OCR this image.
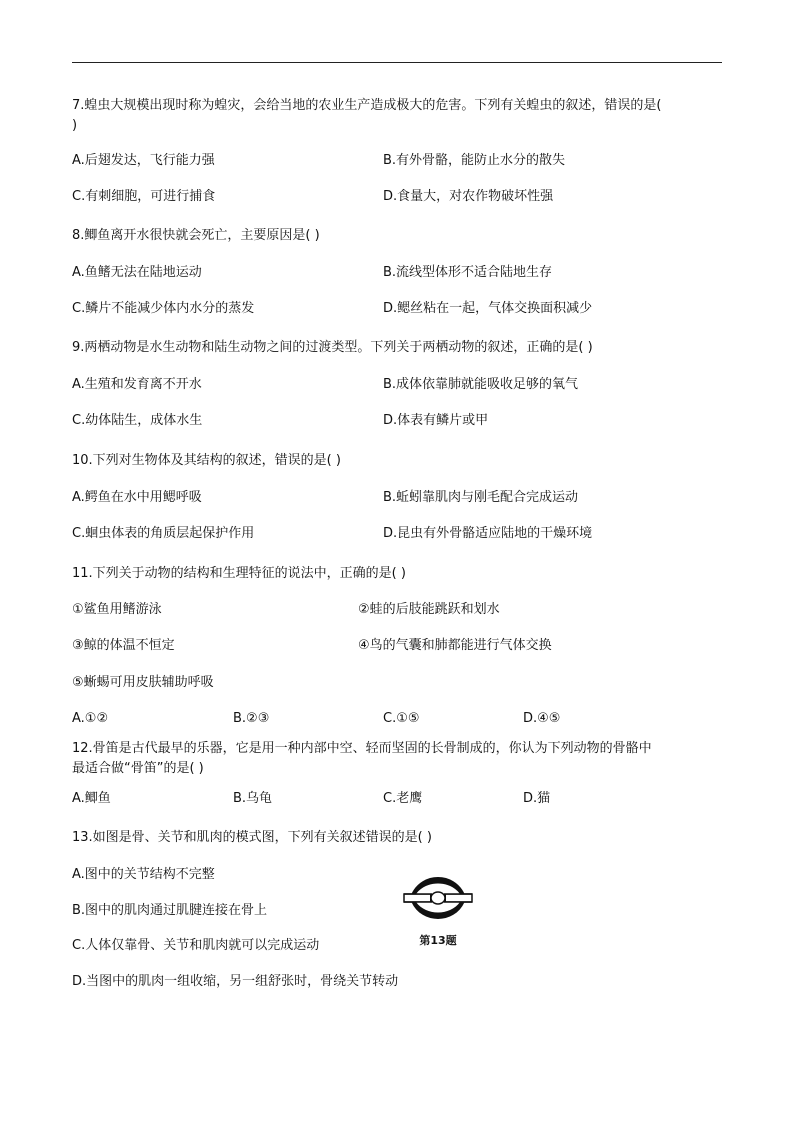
7.蝗虫大规模出现时称为蝗灾，会给当地的农业生产造成极大的危害。下列有关蝗虫的叙述，错误的是(
)
A.后翅发达，飞行能力强	B.有外骨骼，能防止水分的散失
C.有刺细胞，可进行捕食	D.食量大，对农作物破坏性强
8.鲫鱼离开水很快就会死亡，主要原因是( )
A.鱼鳍无法在陆地运动	B.流线型体形不适合陆地生存
C.鳞片不能减少体内水分的蒸发	D.鳃丝粘在一起，气体交换面积减少
9.两栖动物是水生动物和陆生动物之间的过渡类型。下列关于两栖动物的叙述，正确的是( )
A.生殖和发育离不开水	B.成体依靠肺就能吸收足够的氧气
C.幼体陆生，成体水生	D.体表有鳞片或甲
10.下列对生物体及其结构的叙述，错误的是( )
A.鳄鱼在水中用鳃呼吸	B.蚯蚓靠肌肉与刚毛配合完成运动
C.蛔虫体表的角质层起保护作用	D.昆虫有外骨骼适应陆地的干燥环境
11.下列关于动物的结构和生理特征的说法中，正确的是( )
①鲨鱼用鳍游泳	②蛙的后肢能跳跃和划水
③鲸的体温不恒定	④鸟的气囊和肺都能进行气体交换
⑤蜥蜴可用皮肤辅助呼吸
A.①②	B.②③	C.①⑤	D.④⑤
12.骨笛是古代最早的乐器，它是用一种内部中空、轻而坚固的长骨制成的，你认为下列动物的骨骼中
最适合做“骨笛”的是( )
A.鲫鱼	B.乌龟	C.老鹰	D.猫
13.如图是骨、关节和肌肉的模式图，下列有关叙述错误的是( )
A.图中的关节结构不完整
B.图中的肌肉通过肌腱连接在骨上
C.人体仅靠骨、关节和肌肉就可以完成运动
D.当图中的肌肉一组收缩，另一组舒张时，骨绕关节转动
第13题
